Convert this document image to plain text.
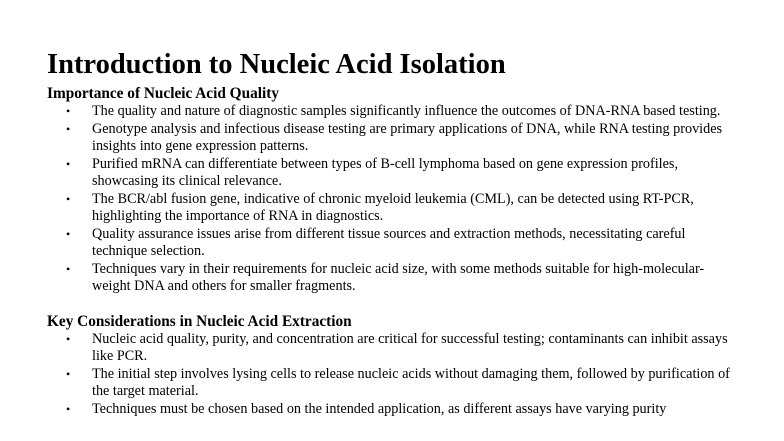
Introduction to Nucleic Acid Isolation
Importance of Nucleic Acid Quality
• The quality and nature of diagnostic samples significantly influence the outcomes of DNA-RNA based testing.
• Genotype analysis and infectious disease testing are primary applications of DNA, while RNA testing provides insights into gene expression patterns.
• Purified mRNA can differentiate between types of B-cell lymphoma based on gene expression profiles, showcasing its clinical relevance.
• The BCR/abl fusion gene, indicative of chronic myeloid leukemia (CML), can be detected using RT-PCR, highlighting the importance of RNA in diagnostics.
• Quality assurance issues arise from different tissue sources and extraction methods, necessitating careful technique selection.
• Techniques vary in their requirements for nucleic acid size, with some methods suitable for high-molecular-weight DNA and others for smaller fragments.
Key Considerations in Nucleic Acid Extraction
• Nucleic acid quality, purity, and concentration are critical for successful testing; contaminants can inhibit assays like PCR.
• The initial step involves lysing cells to release nucleic acids without damaging them, followed by purification of the target material.
• Techniques must be chosen based on the intended application, as different assays have varying purity
